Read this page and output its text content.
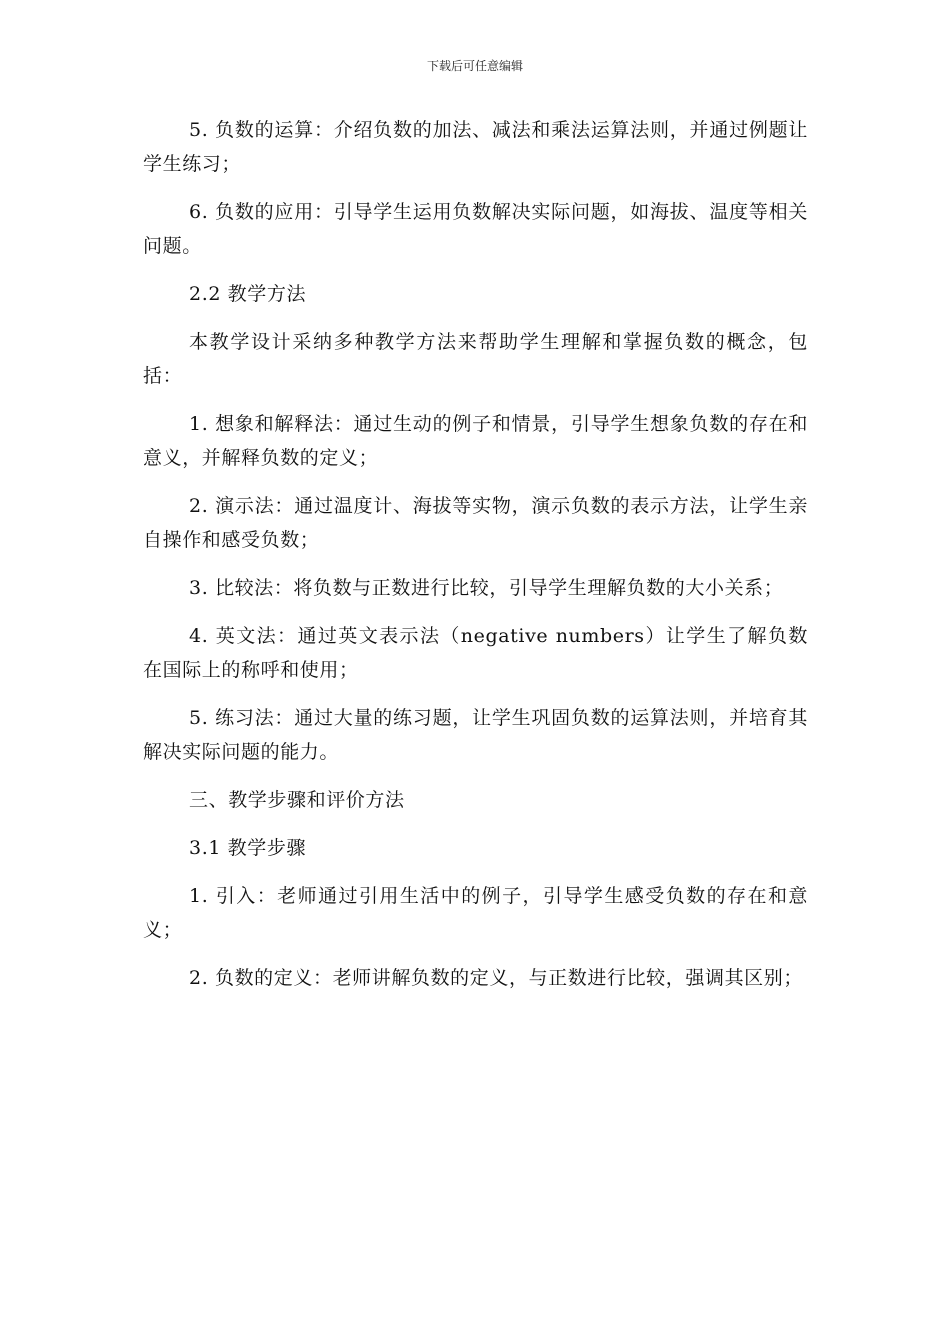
下载后可任意编辑

5. 负数的运算：介绍负数的加法、减法和乘法运算法则，并通过例题让学生练习；

6. 负数的应用：引导学生运用负数解决实际问题，如海拔、温度等相关问题。

2.2 教学方法

本教学设计采纳多种教学方法来帮助学生理解和掌握负数的概念，包括：

1. 想象和解释法：通过生动的例子和情景，引导学生想象负数的存在和意义，并解释负数的定义；

2. 演示法：通过温度计、海拔等实物，演示负数的表示方法，让学生亲自操作和感受负数；

3. 比较法：将负数与正数进行比较，引导学生理解负数的大小关系；

4. 英文法：通过英文表示法（negative numbers）让学生了解负数在国际上的称呼和使用；

5. 练习法：通过大量的练习题，让学生巩固负数的运算法则，并培育其解决实际问题的能力。

三、教学步骤和评价方法

3.1 教学步骤

1. 引入：老师通过引用生活中的例子，引导学生感受负数的存在和意义；

2. 负数的定义：老师讲解负数的定义，与正数进行比较，强调其区别；
